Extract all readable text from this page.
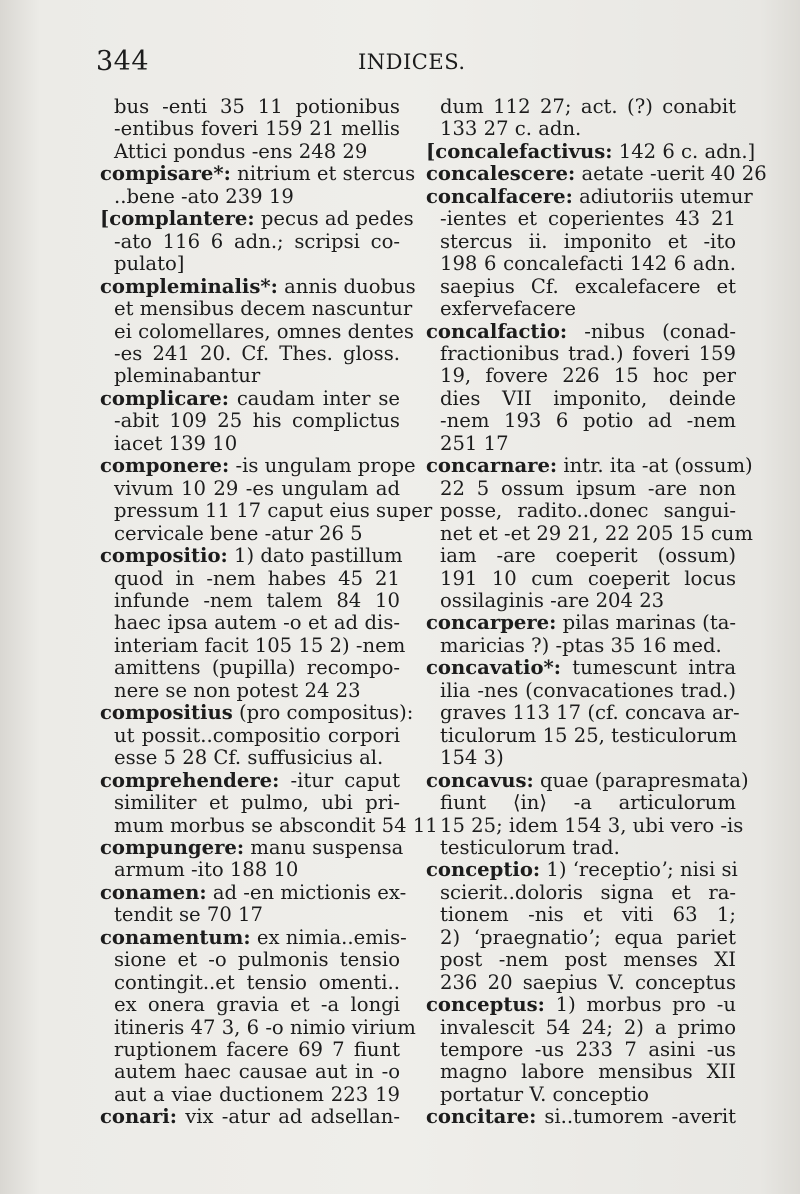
344	INDICES.
bus -enti 35 11 potionibus
-entibus foveri 159 21 mellis
Attici pondus -ens 248 29
compisare*: nitrium et stercus
..bene -ato 239 19
[complantere: pecus ad pedes
-ato 116 6 adn.; scripsi co-
pulato]
compleminalis*: annis duobus
et mensibus decem nascuntur
ei colomellares, omnes dentes
-es 241 20. Cf. Thes. gloss.
pleminabantur
complicare: caudam inter se
-abit 109 25 his complictus
iacet 139 10
componere: -is ungulam prope
vivum 10 29 -es ungulam ad
pressum 11 17 caput eius super
cervicale bene -atur 26 5
compositio: 1) dato pastillum
quod in -nem habes 45 21
infunde -nem talem 84 10
haec ipsa autem -o et ad dis-
interiam facit 105 15 2) -nem
amittens (pupilla) recompo-
nere se non potest 24 23
compositius (pro compositus):
ut possit..compositio corpori
esse 5 28 Cf. suffusicius al.
comprehendere: -itur caput
similiter et pulmo, ubi pri-
mum morbus se abscondit 54 11
compungere: manu suspensa
armum -ito 188 10
conamen: ad -en mictionis ex-
tendit se 70 17
conamentum: ex nimia..emis-
sione et -o pulmonis tensio
contingit..et tensio omenti..
ex onera gravia et -a longi
itineris 47 3, 6 -o nimio virium
ruptionem facere 69 7 fiunt
autem haec causae aut in -o
aut a viae ductionem 223 19
conari: vix -atur ad adsellan-
dum 112 27; act. (?) conabit
133 27 c. adn.
[concalefactivus: 142 6 c. adn.]
concalescere: aetate -uerit 40 26
concalfacere: adiutoriis utemur
-ientes et coperientes 43 21
stercus ii. imponito et -ito
198 6 concalefacti 142 6 adn.
saepius Cf. excalefacere et
exfervefacere
concalfactio: -nibus (conad-
fractionibus trad.) foveri 159
19, fovere 226 15 hoc per
dies VII imponito, deinde
-nem 193 6 potio ad -nem
251 17
concarnare: intr. ita -at (ossum)
22 5 ossum ipsum -are non
posse, radito..donec sangui-
net et -et 29 21, 22 205 15 cum
iam -are coeperit (ossum)
191 10 cum coeperit locus
ossilaginis -are 204 23
concarpere: pilas marinas (ta-
maricias ?) -ptas 35 16 med.
concavatio*: tumescunt intra
ilia -nes (convacationes trad.)
graves 113 17 (cf. concava ar-
ticulorum 15 25, testiculorum
154 3)
concavus: quae (parapresmata)
fiunt ⟨in⟩ -a articulorum
15 25; idem 154 3, ubi vero -is
testiculorum trad.
conceptio: 1) ʻreceptioʼ; nisi si
scierit..doloris signa et ra-
tionem -nis et viti 63 1;
2) ʻpraegnatioʼ; equa pariet
post -nem post menses XI
236 20 saepius V. conceptus
conceptus: 1) morbus pro -u
invalescit 54 24; 2) a primo
tempore -us 233 7 asini -us
magno labore mensibus XII
portatur V. conceptio
concitare: si..tumorem -averit
